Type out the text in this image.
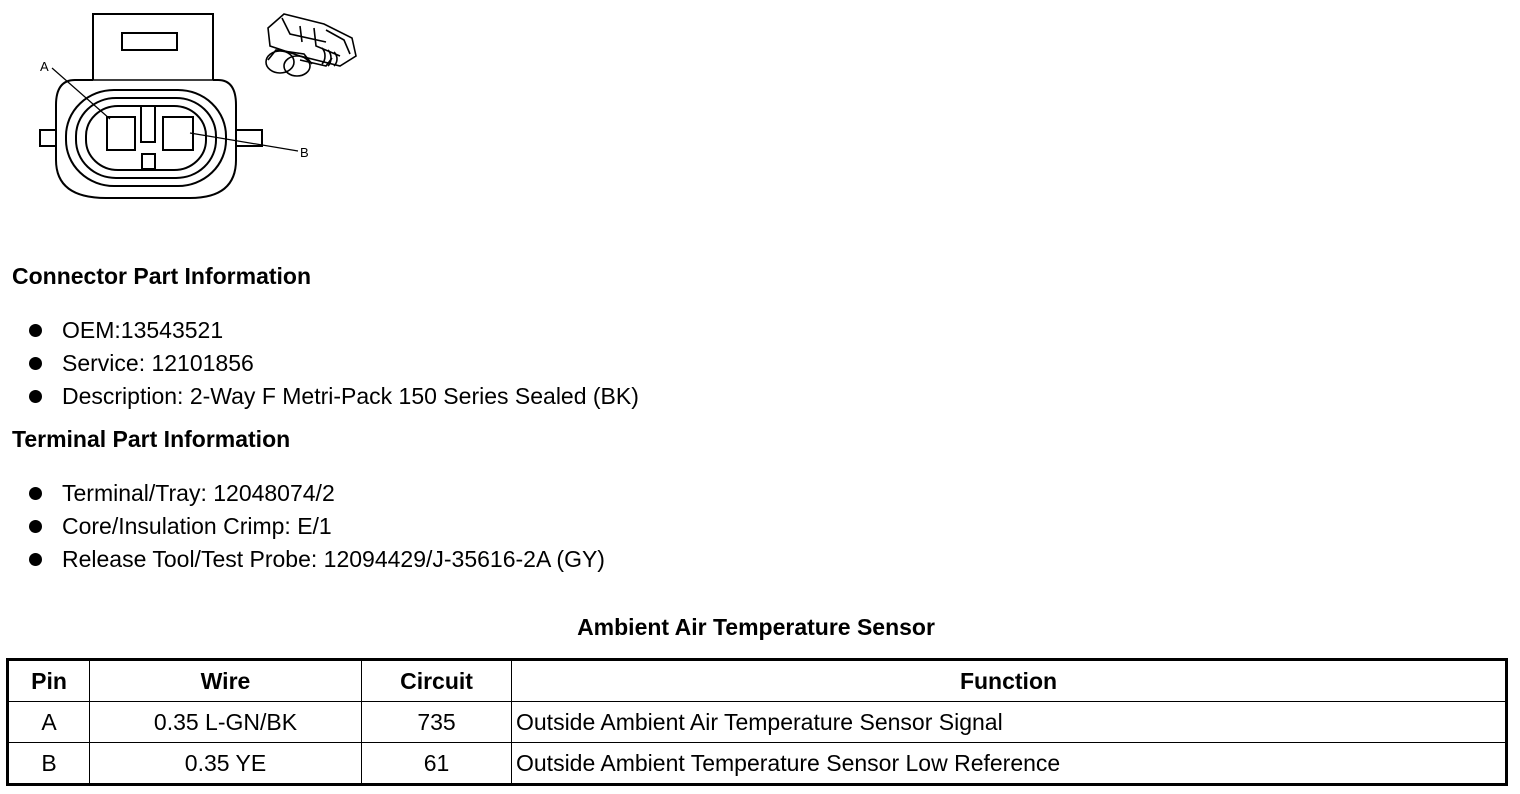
A
B
Connector Part Information
OEM:13543521
Service: 12101856
Description: 2-Way F Metri-Pack 150 Series Sealed (BK)
Terminal Part Information
Terminal/Tray: 12048074/2
Core/Insulation Crimp: E/1
Release Tool/Test Probe: 12094429/J-35616-2A (GY)
Ambient Air Temperature Sensor
Pin	Wire	Circuit	Function
A	0.35 L-GN/BK	735	Outside Ambient Air Temperature Sensor Signal
B	0.35 YE	61	Outside Ambient Temperature Sensor Low Reference
